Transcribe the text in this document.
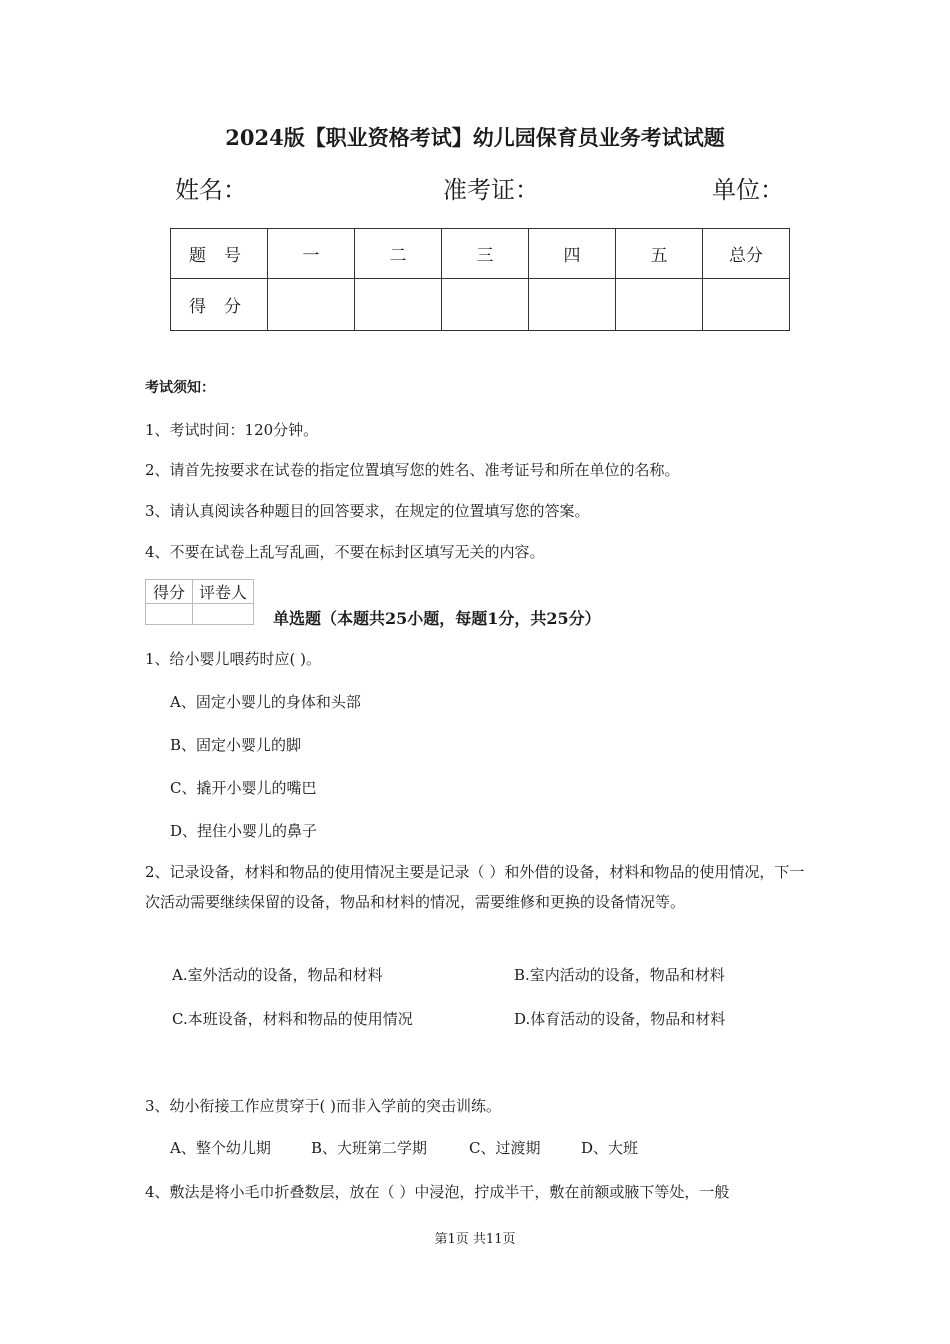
2024版【职业资格考试】幼儿园保育员业务考试试题
姓名：	准考证：	单位：
题号	一	二	三	四	五	总分
得分						
考试须知：
1、考试时间：120分钟。
2、请首先按要求在试卷的指定位置填写您的姓名、准考证号和所在单位的名称。
3、请认真阅读各种题目的回答要求，在规定的位置填写您的答案。
4、不要在试卷上乱写乱画，不要在标封区填写无关的内容。
得分	评卷人

单选题（本题共25小题，每题1分，共25分）
1、给小婴儿喂药时应( )。
A、固定小婴儿的身体和头部
B、固定小婴儿的脚
C、撬开小婴儿的嘴巴
D、捏住小婴儿的鼻子
2、记录设备，材料和物品的使用情况主要是记录（ ）和外借的设备，材料和物品的使用情况，下一次活动需要继续保留的设备，物品和材料的情况，需要维修和更换的设备情况等。
A.室外活动的设备，物品和材料	B.室内活动的设备，物品和材料
C.本班设备，材料和物品的使用情况	D.体育活动的设备，物品和材料
3、幼小衔接工作应贯穿于( )而非入学前的突击训练。
A、整个幼儿期	B、大班第二学期	C、过渡期	D、大班
4、敷法是将小毛巾折叠数层，放在（ ）中浸泡，拧成半干，敷在前额或腋下等处，一般
第1页 共11页
